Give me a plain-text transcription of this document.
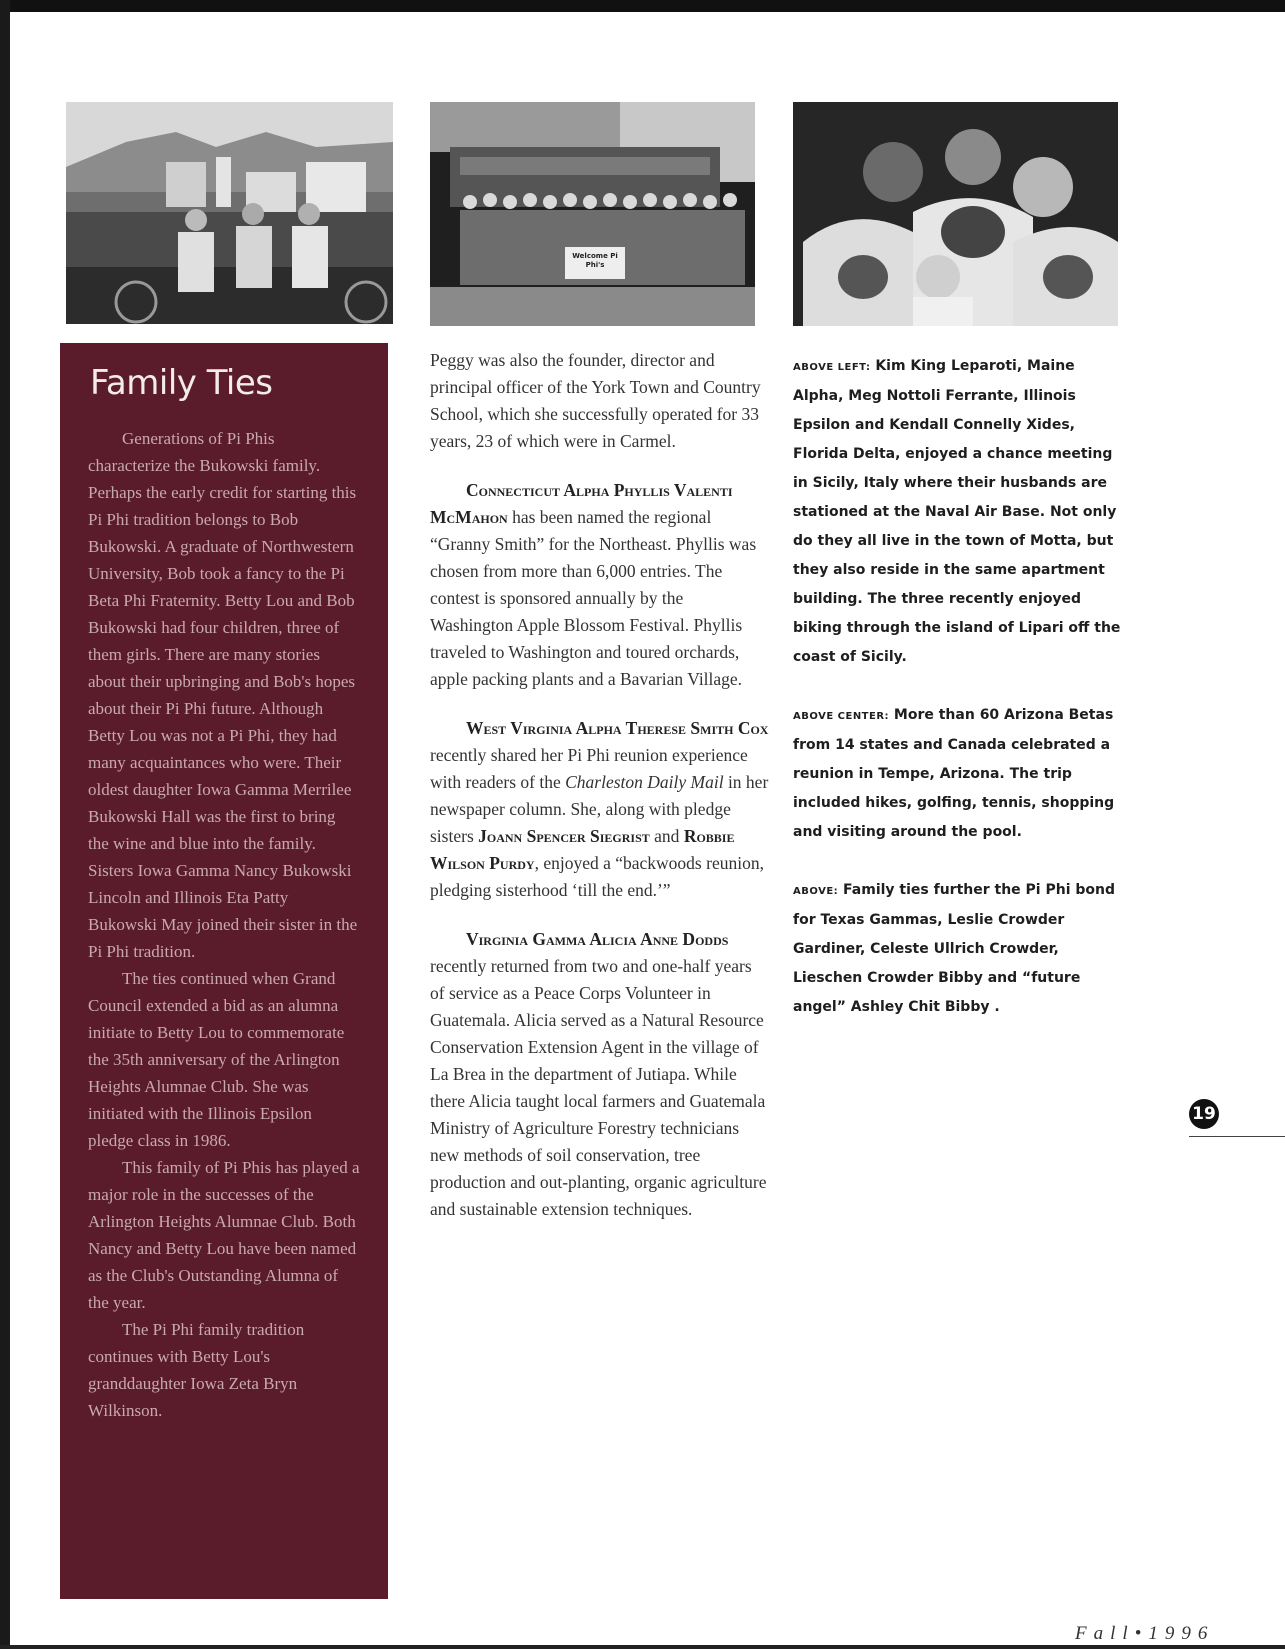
Welcome Pi Phi's
Family Ties

Generations of Pi Phis characterize the Bukowski family. Perhaps the early credit for starting this Pi Phi tradition belongs to Bob Bukowski. A graduate of Northwestern University, Bob took a fancy to the Pi Beta Phi Fraternity. Betty Lou and Bob Bukowski had four children, three of them girls. There are many stories about their upbringing and Bob's hopes about their Pi Phi future. Although Betty Lou was not a Pi Phi, they had many acquaintances who were. Their oldest daughter Iowa Gamma Merrilee Bukowski Hall was the first to bring the wine and blue into the family. Sisters Iowa Gamma Nancy Bukowski Lincoln and Illinois Eta Patty Bukowski May joined their sister in the Pi Phi tradition.

The ties continued when Grand Council extended a bid as an alumna initiate to Betty Lou to commemorate the 35th anniversary of the Arlington Heights Alumnae Club. She was initiated with the Illinois Epsilon pledge class in 1986.

This family of Pi Phis has played a major role in the successes of the Arlington Heights Alumnae Club. Both Nancy and Betty Lou have been named as the Club's Outstanding Alumna of the year.

The Pi Phi family tradition continues with Betty Lou's granddaughter Iowa Zeta Bryn Wilkinson.

Peggy was also the founder, director and principal officer of the York Town and Country School, which she successfully operated for 33 years, 23 of which were in Carmel.

Connecticut Alpha Phyllis Valenti McMahon has been named the regional “Granny Smith” for the Northeast. Phyllis was chosen from more than 6,000 entries. The contest is sponsored annually by the Washington Apple Blossom Festival. Phyllis traveled to Washington and toured orchards, apple packing plants and a Bavarian Village.

West Virginia Alpha Therese Smith Cox recently shared her Pi Phi reunion experience with readers of the Charleston Daily Mail in her newspaper column. She, along with pledge sisters Joann Spencer Siegrist and Robbie Wilson Purdy, enjoyed a “backwoods reunion, pledging sisterhood ‘till the end.’”

Virginia Gamma Alicia Anne Dodds recently returned from two and one-half years of service as a Peace Corps Volunteer in Guatemala. Alicia served as a Natural Resource Conservation Extension Agent in the village of La Brea in the department of Jutiapa. While there Alicia taught local farmers and Guatemala Ministry of Agriculture Forestry technicians new methods of soil conservation, tree production and out-planting, organic agriculture and sustainable extension techniques.

ABOVE LEFT: Kim King Leparoti, Maine Alpha, Meg Nottoli Ferrante, Illinois Epsilon and Kendall Connelly Xides, Florida Delta, enjoyed a chance meeting in Sicily, Italy where their husbands are stationed at the Naval Air Base. Not only do they all live in the town of Motta, but they also reside in the same apartment building. The three recently enjoyed biking through the island of Lipari off the coast of Sicily.

ABOVE CENTER: More than 60 Arizona Betas from 14 states and Canada celebrated a reunion in Tempe, Arizona. The trip included hikes, golfing, tennis, shopping and visiting around the pool.

ABOVE: Family ties further the Pi Phi bond for Texas Gammas, Leslie Crowder Gardiner, Celeste Ullrich Crowder, Lieschen Crowder Bibby and “future angel” Ashley Chit Bibby .

19
Fall•1996
